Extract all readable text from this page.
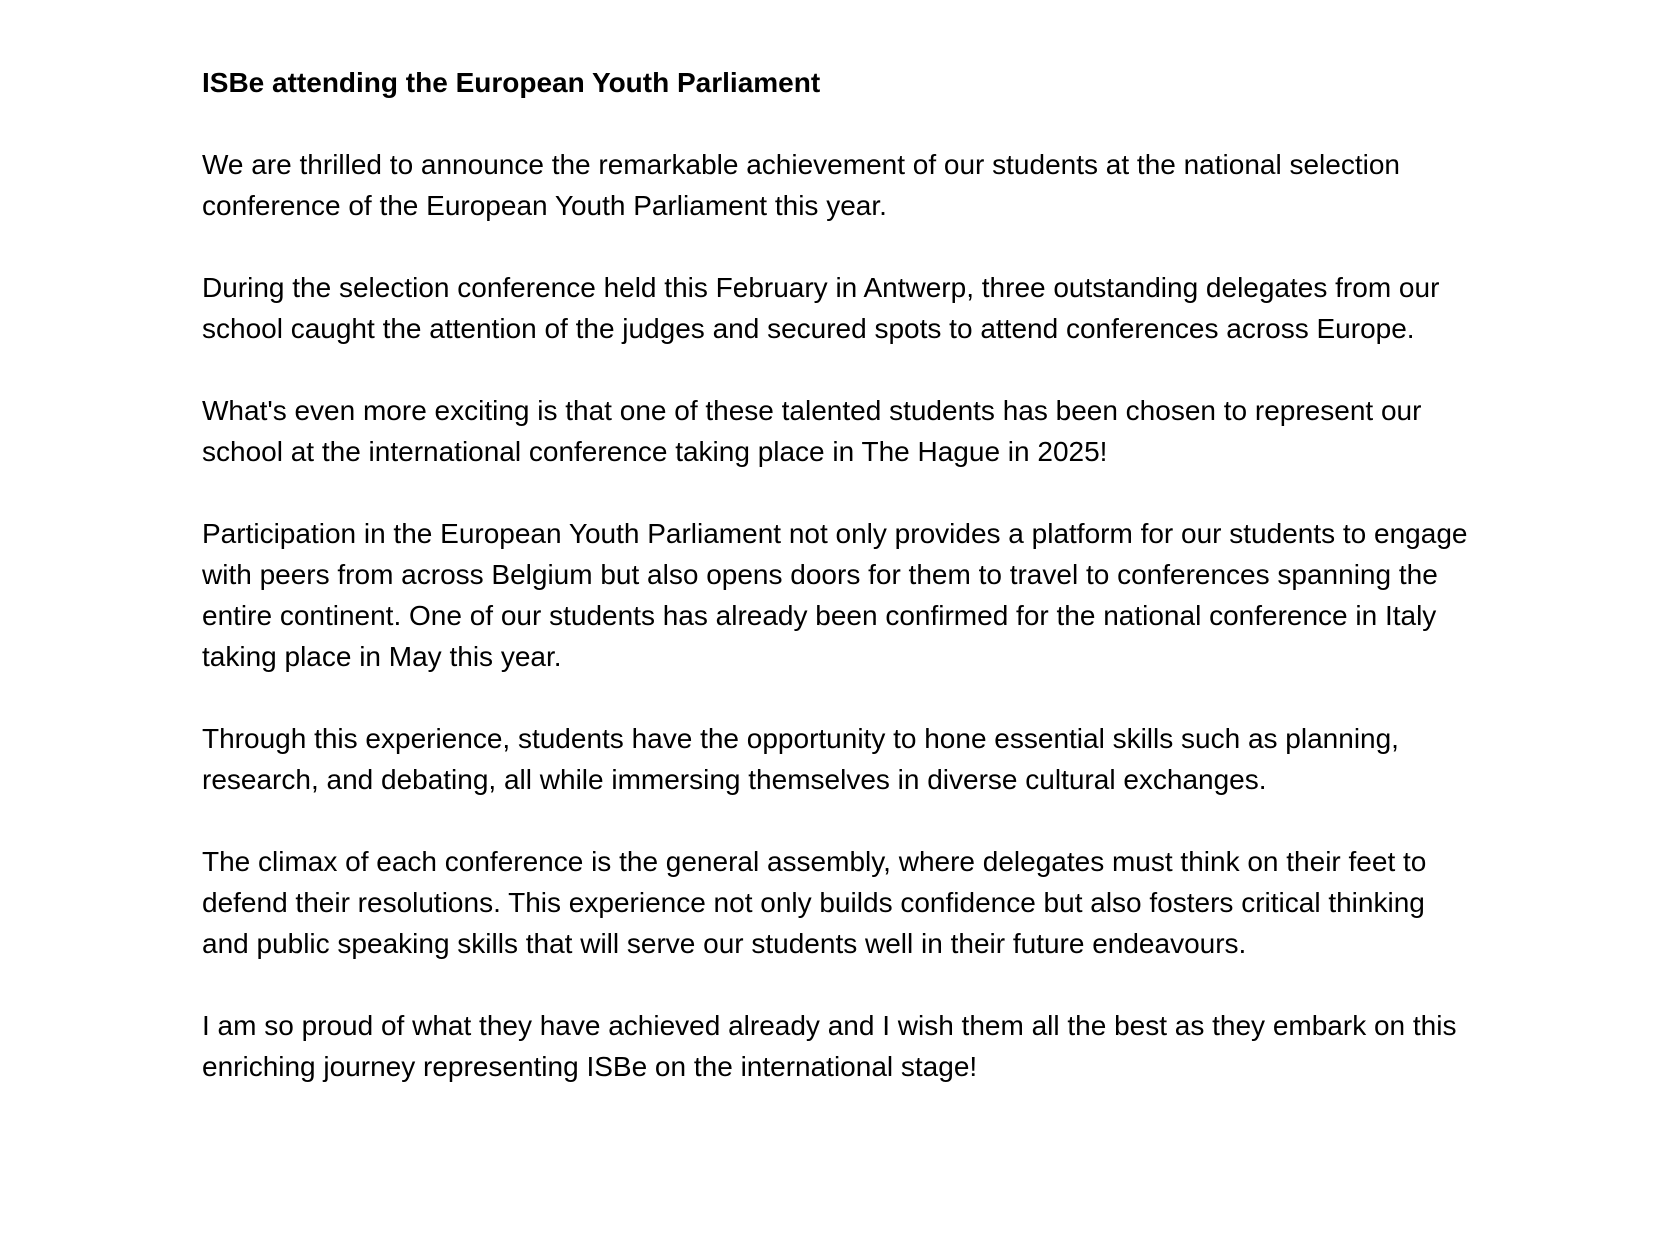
ISBe attending the European Youth Parliament

We are thrilled to announce the remarkable achievement of our students at the national selection conference of the European Youth Parliament this year.

During the selection conference held this February in Antwerp, three outstanding delegates from our school caught the attention of the judges and secured spots to attend conferences across Europe.

What's even more exciting is that one of these talented students has been chosen to represent our school at the international conference taking place in The Hague in 2025!

Participation in the European Youth Parliament not only provides a platform for our students to engage with peers from across Belgium but also opens doors for them to travel to conferences spanning the entire continent. One of our students has already been confirmed for the national conference in Italy taking place in May this year.

Through this experience, students have the opportunity to hone essential skills such as planning, research, and debating, all while immersing themselves in diverse cultural exchanges.

The climax of each conference is the general assembly, where delegates must think on their feet to defend their resolutions. This experience not only builds confidence but also fosters critical thinking and public speaking skills that will serve our students well in their future endeavours.

I am so proud of what they have achieved already and I wish them all the best as they embark on this enriching journey representing ISBe on the international stage!
